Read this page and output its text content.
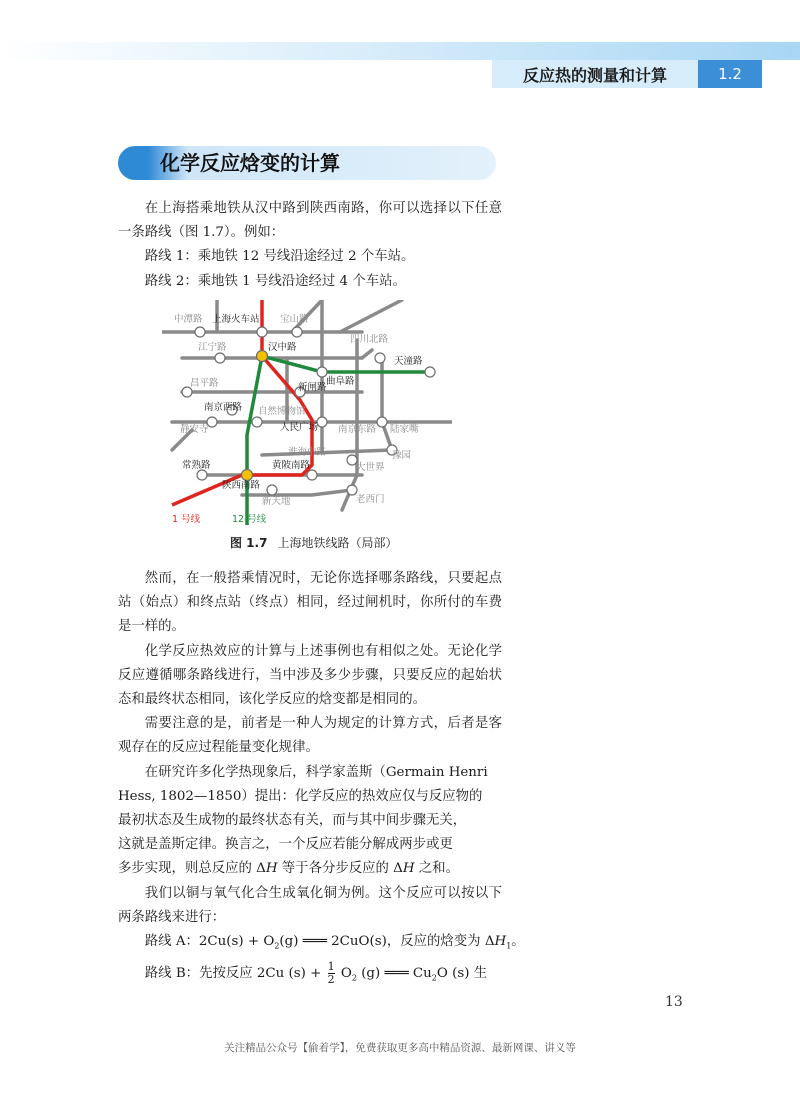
反应热的测量和计算	1.2
化学反应焓变的计算

在上海搭乘地铁从汉中路到陕西南路，你可以选择以下任意一条路线（图 1.7）。例如：

路线 1：乘地铁 12 号线沿途经过 2 个车站。

路线 2：乘地铁 1 号线沿途经过 4 个车站。

中潭路	宝山路
江宁路
四川北路
昌平路
自然博物馆
静安寺	南京东路 陆家嘴
淮海中路	豫园
大世界
新天地	老西门
上海火车站
汉中路
天潼路
曲阜路
新闸路
南京西路
人民广场
常熟路	黄陂南路
陕西南路
1 号线	12 号线
图 1.7 上海地铁线路（局部）

然而，在一般搭乘情况时，无论你选择哪条路线，只要起点站（始点）和终点站（终点）相同，经过闸机时，你所付的车费是一样的。

化学反应热效应的计算与上述事例也有相似之处。无论化学反应遵循哪条路线进行，当中涉及多少步骤，只要反应的起始状态和最终状态相同，该化学反应的焓变都是相同的。

需要注意的是，前者是一种人为规定的计算方式，后者是客观存在的反应过程能量变化规律。

在研究许多化学热现象后，科学家盖斯（Germain Henri

Hess, 1802—1850）提出：化学反应的热效应仅与反应物的

最初状态及生成物的最终状态有关，而与其中间步骤无关，

这就是盖斯定律。换言之，一个反应若能分解成两步或更

多步实现，则总反应的 ΔH 等于各分步反应的 ΔH 之和。

我们以铜与氧气化合生成氧化铜为例。这个反应可以按以下两条路线来进行：

路线 A：$2Cu(s) + O_2(g)$ ═══ 2CuO(s)，反应的焓变为 $\Delta H_1$。

路线 B：先按反应 2Cu $(s) + \frac{1}{2} O_2$ (g) ═══ $Cu_2O$ (s) 生

13
关注精品公众号【偷着学】，免费获取更多高中精品资源、最新网课、讲义等
